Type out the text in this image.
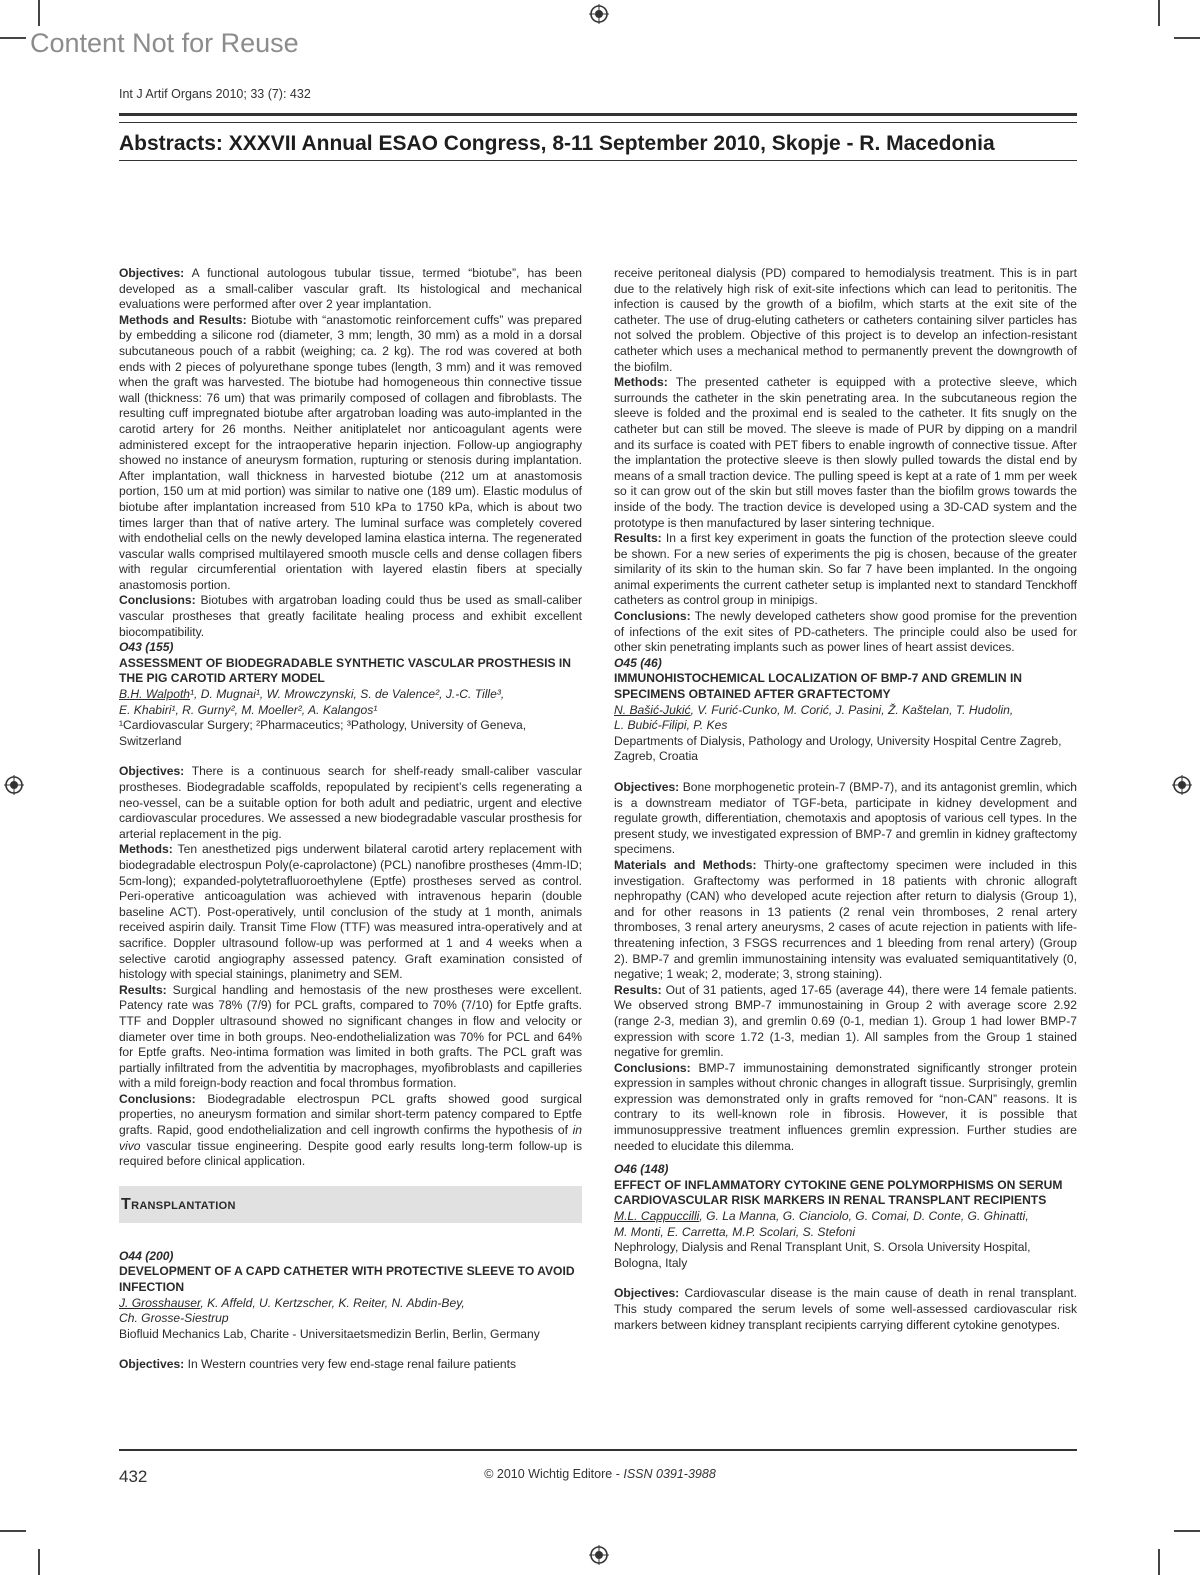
Content Not for Reuse
Int J Artif Organs 2010; 33 (7): 432
Abstracts: XXXVII Annual ESAO Congress, 8-11 September 2010, Skopje - R. Macedonia

Objectives: A functional autologous tubular tissue, termed “biotube”, has been developed as a small-caliber vascular graft. Its histological and mechanical evaluations were performed after over 2 year implantation.

Methods and Results: Biotube with “anastomotic reinforcement cuffs” was prepared by embedding a silicone rod (diameter, 3 mm; length, 30 mm) as a mold in a dorsal subcutaneous pouch of a rabbit (weighing; ca. 2 kg). The rod was covered at both ends with 2 pieces of polyurethane sponge tubes (length, 3 mm) and it was removed when the graft was harvested. The biotube had homogeneous thin connective tissue wall (thickness: 76 um) that was primarily composed of collagen and fibroblasts. The resulting cuff impregnated biotube after argatroban loading was auto-implanted in the carotid artery for 26 months. Neither anitiplatelet nor anticoagulant agents were administered except for the intraoperative heparin injection. Follow-up angiography showed no instance of aneurysm formation, rupturing or stenosis during implantation. After implantation, wall thickness in harvested biotube (212 um at anastomosis portion, 150 um at mid portion) was similar to native one (189 um). Elastic modulus of biotube after implantation increased from 510 kPa to 1750 kPa, which is about two times larger than that of native artery. The luminal surface was completely covered with endothelial cells on the newly developed lamina elastica interna. The regenerated vascular walls comprised multilayered smooth muscle cells and dense collagen fibers with regular circumferential orientation with layered elastin fibers at specially anastomosis portion.

Conclusions: Biotubes with argatroban loading could thus be used as small-caliber vascular prostheses that greatly facilitate healing process and exhibit excellent biocompatibility.

O43 (155)

ASSESSMENT OF BIODEGRADABLE SYNTHETIC VASCULAR PROSTHESIS IN THE PIG CAROTID ARTERY MODEL

B.H. Walpoth¹, D. Mugnai¹, W. Mrowczynski, S. de Valence², J.-C. Tille³,
E. Khabiri¹, R. Gurny², M. Moeller², A. Kalangos¹

¹Cardiovascular Surgery; ²Pharmaceutics; ³Pathology, University of Geneva, Switzerland

Objectives: There is a continuous search for shelf-ready small-caliber vascular prostheses. Biodegradable scaffolds, repopulated by recipient’s cells regenerating a neo-vessel, can be a suitable option for both adult and pediatric, urgent and elective cardiovascular procedures. We assessed a new biodegradable vascular prosthesis for arterial replacement in the pig.

Methods: Ten anesthetized pigs underwent bilateral carotid artery replacement with biodegradable electrospun Poly(e-caprolactone) (PCL) nanofibre prostheses (4mm-ID; 5cm-long); expanded-polytetrafluoroethylene (Eptfe) prostheses served as control. Peri-operative anticoagulation was achieved with intravenous heparin (double baseline ACT). Post-operatively, until conclusion of the study at 1 month, animals received aspirin daily. Transit Time Flow (TTF) was measured intra-operatively and at sacrifice. Doppler ultrasound follow-up was performed at 1 and 4 weeks when a selective carotid angiography assessed patency. Graft examination consisted of histology with special stainings, planimetry and SEM.

Results: Surgical handling and hemostasis of the new prostheses were excellent. Patency rate was 78% (7/9) for PCL grafts, compared to 70% (7/10) for Eptfe grafts. TTF and Doppler ultrasound showed no significant changes in flow and velocity or diameter over time in both groups. Neo-endothelialization was 70% for PCL and 64% for Eptfe grafts. Neo-intima formation was limited in both grafts. The PCL graft was partially infiltrated from the adventitia by macrophages, myofibroblasts and capilleries with a mild foreign-body reaction and focal thrombus formation.

Conclusions: Biodegradable electrospun PCL grafts showed good surgical properties, no aneurysm formation and similar short-term patency compared to Eptfe grafts. Rapid, good endothelialization and cell ingrowth confirms the hypothesis of in vivo vascular tissue engineering. Despite good early results long-term follow-up is required before clinical application.

Transplantation

O44 (200)

DEVELOPMENT OF A CAPD CATHETER WITH PROTECTIVE SLEEVE TO AVOID INFECTION

J. Grosshauser, K. Affeld, U. Kertzscher, K. Reiter, N. Abdin-Bey,
Ch. Grosse-Siestrup

Biofluid Mechanics Lab, Charite - Universitaetsmedizin Berlin, Berlin, Germany

Objectives: In Western countries very few end-stage renal failure patients

receive peritoneal dialysis (PD) compared to hemodialysis treatment. This is in part due to the relatively high risk of exit-site infections which can lead to peritonitis. The infection is caused by the growth of a biofilm, which starts at the exit site of the catheter. The use of drug-eluting catheters or catheters containing silver particles has not solved the problem. Objective of this project is to develop an infection-resistant catheter which uses a mechanical method to permanently prevent the downgrowth of the biofilm.

Methods: The presented catheter is equipped with a protective sleeve, which surrounds the catheter in the skin penetrating area. In the subcutaneous region the sleeve is folded and the proximal end is sealed to the catheter. It fits snugly on the catheter but can still be moved. The sleeve is made of PUR by dipping on a mandril and its surface is coated with PET fibers to enable ingrowth of connective tissue. After the implantation the protective sleeve is then slowly pulled towards the distal end by means of a small traction device. The pulling speed is kept at a rate of 1 mm per week so it can grow out of the skin but still moves faster than the biofilm grows towards the inside of the body. The traction device is developed using a 3D-CAD system and the prototype is then manufactured by laser sintering technique.

Results: In a first key experiment in goats the function of the protection sleeve could be shown. For a new series of experiments the pig is chosen, because of the greater similarity of its skin to the human skin. So far 7 have been implanted. In the ongoing animal experiments the current catheter setup is implanted next to standard Tenckhoff catheters as control group in minipigs.

Conclusions: The newly developed catheters show good promise for the prevention of infections of the exit sites of PD-catheters. The principle could also be used for other skin penetrating implants such as power lines of heart assist devices.

O45 (46)

IMMUNOHISTOCHEMICAL LOCALIZATION OF BMP-7 AND GREMLIN IN SPECIMENS OBTAINED AFTER GRAFTECTOMY

N. Bašić-Jukić, V. Furić-Cunko, M. Corić, J. Pasini, Ž. Kaštelan, T. Hudolin,
L. Bubić-Filipi, P. Kes

Departments of Dialysis, Pathology and Urology, University Hospital Centre Zagreb, Zagreb, Croatia

Objectives: Bone morphogenetic protein-7 (BMP-7), and its antagonist gremlin, which is a downstream mediator of TGF-beta, participate in kidney development and regulate growth, differentiation, chemotaxis and apoptosis of various cell types. In the present study, we investigated expression of BMP-7 and gremlin in kidney graftectomy specimens.

Materials and Methods: Thirty-one graftectomy specimen were included in this investigation. Graftectomy was performed in 18 patients with chronic allograft nephropathy (CAN) who developed acute rejection after return to dialysis (Group 1), and for other reasons in 13 patients (2 renal vein thromboses, 2 renal artery thromboses, 3 renal artery aneurysms, 2 cases of acute rejection in patients with life-threatening infection, 3 FSGS recurrences and 1 bleeding from renal artery) (Group 2). BMP-7 and gremlin immunostaining intensity was evaluated semiquantitatively (0, negative; 1 weak; 2, moderate; 3, strong staining).

Results: Out of 31 patients, aged 17-65 (average 44), there were 14 female patients. We observed strong BMP-7 immunostaining in Group 2 with average score 2.92 (range 2-3, median 3), and gremlin 0.69 (0-1, median 1). Group 1 had lower BMP-7 expression with score 1.72 (1-3, median 1). All samples from the Group 1 stained negative for gremlin.

Conclusions: BMP-7 immunostaining demonstrated significantly stronger protein expression in samples without chronic changes in allograft tissue. Surprisingly, gremlin expression was demonstrated only in grafts removed for “non-CAN” reasons. It is contrary to its well-known role in fibrosis. However, it is possible that immunosuppressive treatment influences gremlin expression. Further studies are needed to elucidate this dilemma.

O46 (148)

EFFECT OF INFLAMMATORY CYTOKINE GENE POLYMORPHISMS ON SERUM CARDIOVASCULAR RISK MARKERS IN RENAL TRANSPLANT RECIPIENTS

M.L. Cappuccilli, G. La Manna, G. Cianciolo, G. Comai, D. Conte, G. Ghinatti,
M. Monti, E. Carretta, M.P. Scolari, S. Stefoni

Nephrology, Dialysis and Renal Transplant Unit, S. Orsola University Hospital, Bologna, Italy

Objectives: Cardiovascular disease is the main cause of death in renal transplant. This study compared the serum levels of some well-assessed cardiovascular risk markers between kidney transplant recipients carrying different cytokine genotypes.

432	© 2010 Wichtig Editore - ISSN 0391-3988
